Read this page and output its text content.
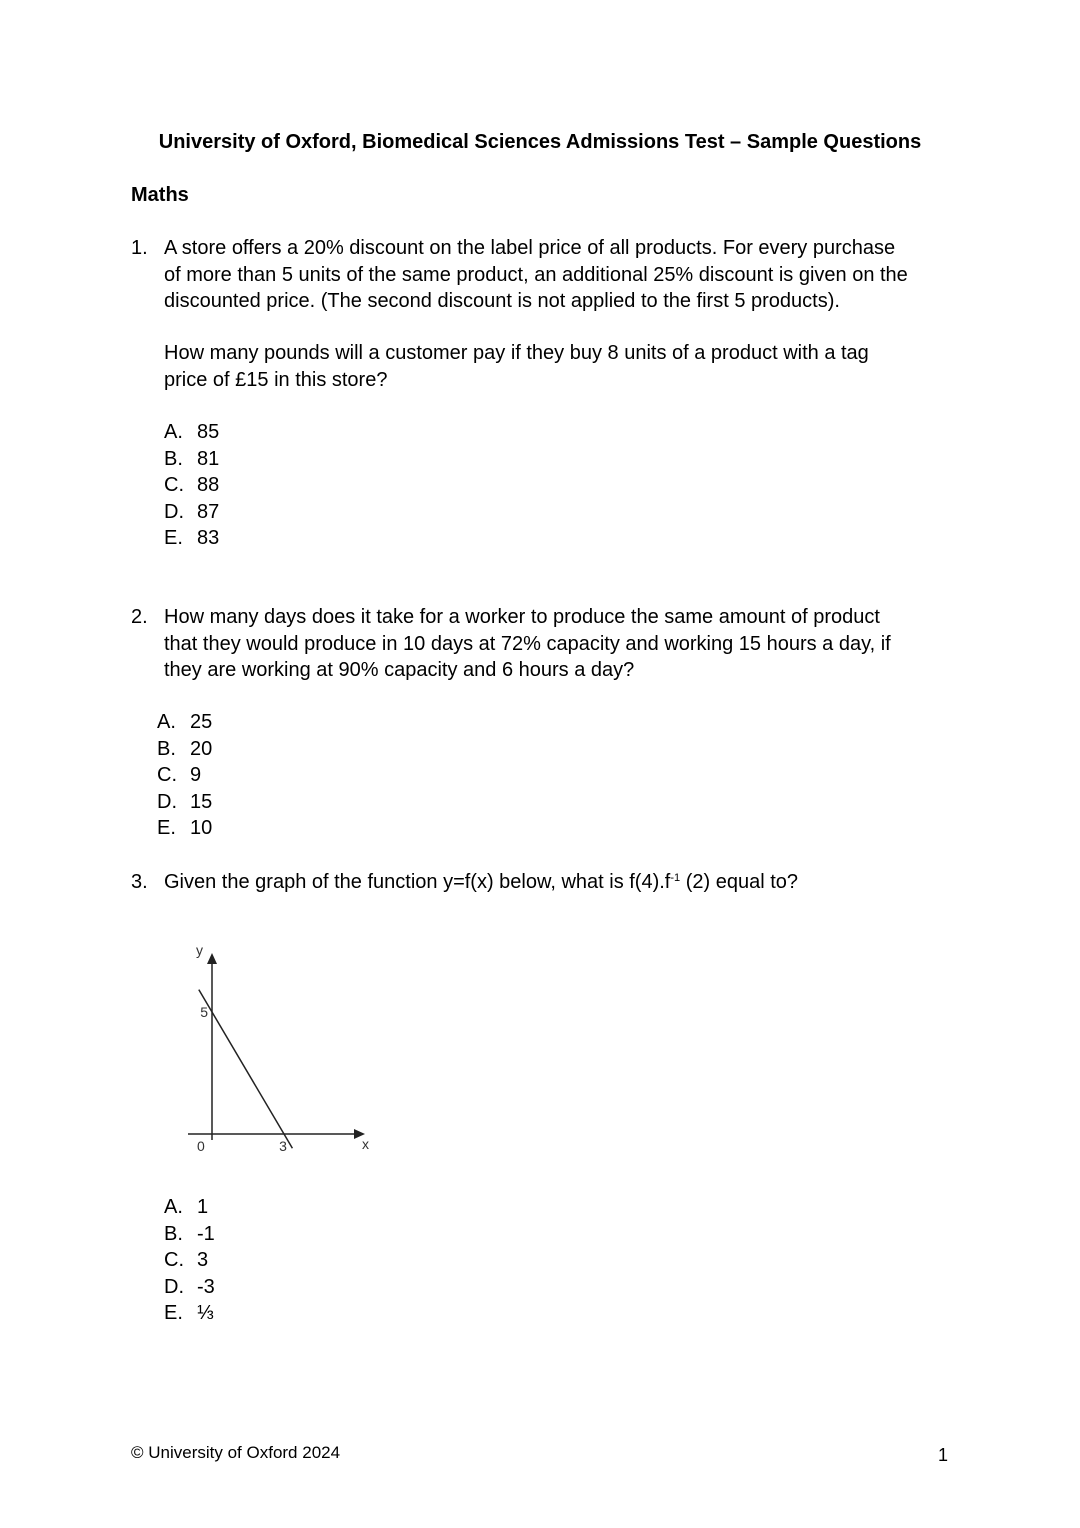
University of Oxford, Biomedical Sciences Admissions Test – Sample Questions
Maths
1. A store offers a 20% discount on the label price of all products. For every purchase
of more than 5 units of the same product, an additional 25% discount is given on the
discounted price. (The second discount is not applied to the first 5 products).
How many pounds will a customer pay if they buy 8 units of a product with a tag
price of £15 in this store?
A. 85
B. 81
C. 88
D. 87
E. 83
2. How many days does it take for a worker to produce the same amount of product
that they would produce in 10 days at 72% capacity and working 15 hours a day, if
they are working at 90% capacity and 6 hours a day?
A. 25
B. 20
C. 9
D. 15
E. 10
3. Given the graph of the function y=f(x) below, what is $f(4).f^{-1}$ (2) equal to?
y
x
0	3
5
A. 1
B. -1
C. 3
D. -3
E. ⅓
© University of Oxford 2024	1
